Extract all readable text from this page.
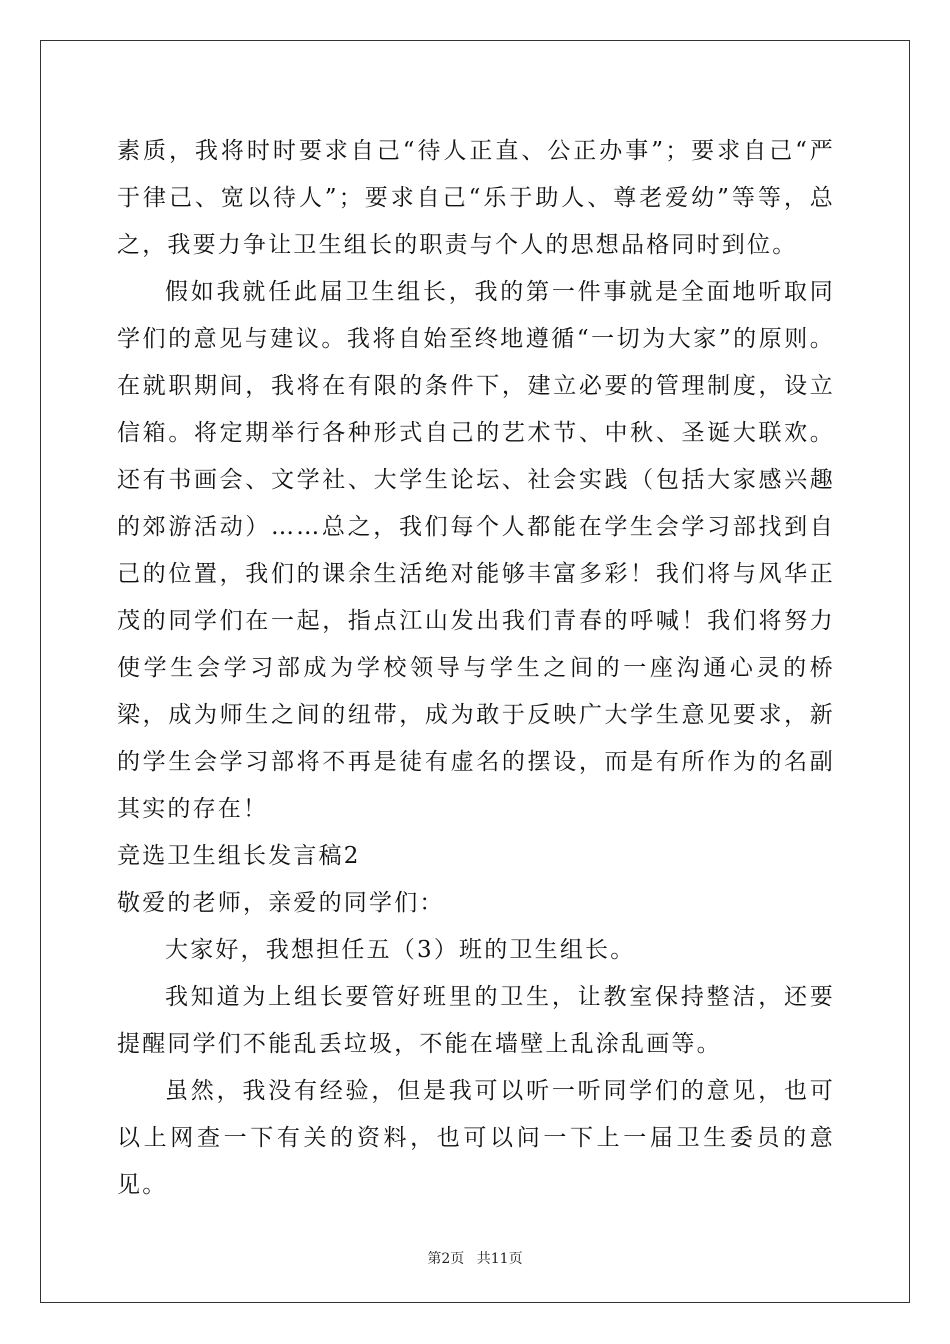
素质，我将时时要求自己“待人正直、公正办事”；要求自己“严于律己、宽以待人”；要求自己“乐于助人、尊老爱幼”等等，总之，我要力争让卫生组长的职责与个人的思想品格同时到位。

假如我就任此届卫生组长，我的第一件事就是全面地听取同学们的意见与建议。我将自始至终地遵循“一切为大家”的原则。在就职期间，我将在有限的条件下，建立必要的管理制度，设立信箱。将定期举行各种形式自己的艺术节、中秋、圣诞大联欢。还有书画会、文学社、大学生论坛、社会实践（包括大家感兴趣的郊游活动）……总之，我们每个人都能在学生会学习部找到自己的位置，我们的课余生活绝对能够丰富多彩！我们将与风华正茂的同学们在一起，指点江山发出我们青春的呼喊！我们将努力使学生会学习部成为学校领导与学生之间的一座沟通心灵的桥梁，成为师生之间的纽带，成为敢于反映广大学生意见要求，新的学生会学习部将不再是徒有虚名的摆设，而是有所作为的名副其实的存在！

竞选卫生组长发言稿2

敬爱的老师，亲爱的同学们：

大家好，我想担任五（3）班的卫生组长。

我知道为上组长要管好班里的卫生，让教室保持整洁，还要提醒同学们不能乱丢垃圾，不能在墙壁上乱涂乱画等。

虽然，我没有经验，但是我可以听一听同学们的意见，也可以上网查一下有关的资料，也可以问一下上一届卫生委员的意见。

第2页 共11页
